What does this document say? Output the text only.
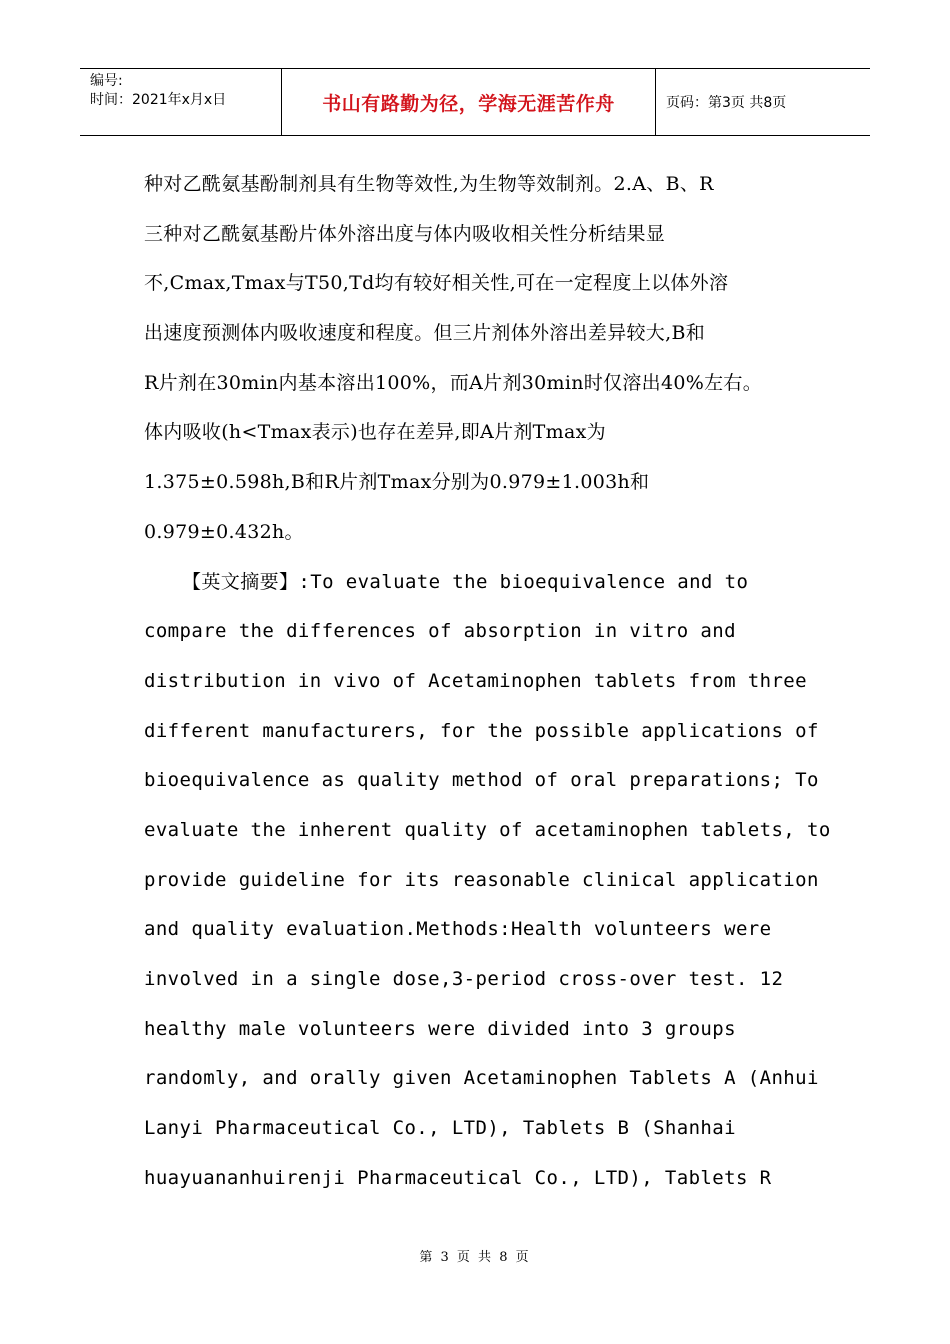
编号:
时间：2021年x月x日	书山有路勤为径，学海无涯苦作舟	页码：第3页 共8页
种对乙酰氨基酚制剂具有生物等效性,为生物等效制剂。2.A、B、R
三种对乙酰氨基酚片体外溶出度与体内吸收相关性分析结果显
不,Cmax,Tmax与T50,Td均有较好相关性,可在一定程度上以体外溶
出速度预测体内吸收速度和程度。但三片剂体外溶出差异较大,B和
R片剂在30min内基本溶出100%，而A片剂30min时仅溶出40%左右。
体内吸收(h<Tmax表示)也存在差异,即A片剂Tmax为
1.375±0.598h,B和R片剂Tmax分别为0.979±1.003h和
0.979±0.432h。
【英文摘要】:To evaluate the bioequivalence and to
compare the differences of absorption in vitro and
distribution in vivo of Acetaminophen tablets from three
different manufacturers, for the possible applications of
bioequivalence as quality method of oral preparations; To
evaluate the inherent quality of acetaminophen tablets, to
provide guideline for its reasonable clinical application
and quality evaluation.Methods:Health volunteers were
involved in a single dose,3-period cross-over test. 12
healthy male volunteers were divided into 3 groups
randomly, and orally given Acetaminophen Tablets A (Anhui
Lanyi Pharmaceutical Co., LTD), Tablets B (Shanhai
huayuananhuirenji Pharmaceutical Co., LTD), Tablets R
第 3 页 共 8 页
